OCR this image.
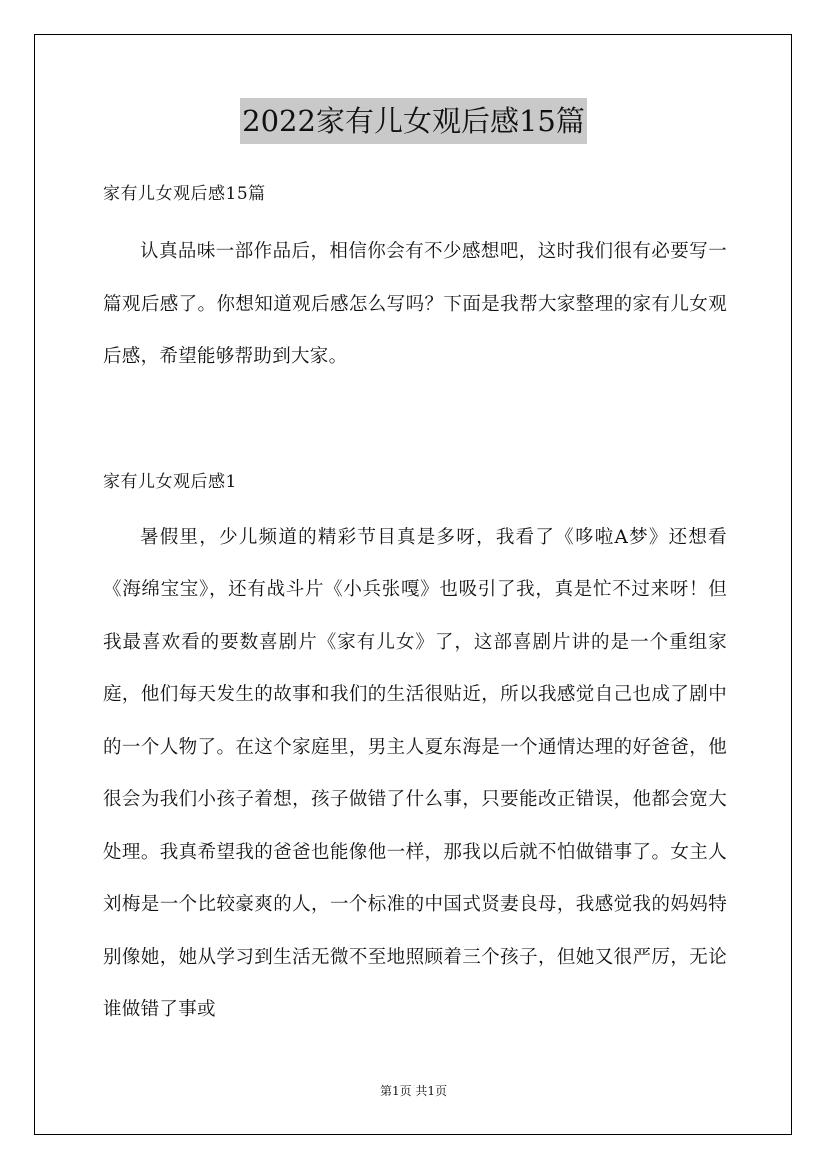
2022家有儿女观后感15篇

家有儿女观后感15篇

认真品味一部作品后，相信你会有不少感想吧，这时我们很有必要写一篇观后感了。你想知道观后感怎么写吗？下面是我帮大家整理的家有儿女观后感，希望能够帮助到大家。

家有儿女观后感1

暑假里，少儿频道的精彩节目真是多呀，我看了《哆啦A梦》还想看《海绵宝宝》，还有战斗片《小兵张嘎》也吸引了我，真是忙不过来呀！但我最喜欢看的要数喜剧片《家有儿女》了，这部喜剧片讲的是一个重组家庭，他们每天发生的故事和我们的生活很贴近，所以我感觉自己也成了剧中的一个人物了。在这个家庭里，男主人夏东海是一个通情达理的好爸爸，他很会为我们小孩子着想，孩子做错了什么事，只要能改正错误，他都会宽大处理。我真希望我的爸爸也能像他一样，那我以后就不怕做错事了。女主人刘梅是一个比较豪爽的人，一个标准的中国式贤妻良母，我感觉我的妈妈特别像她，她从学习到生活无微不至地照顾着三个孩子，但她又很严厉，无论谁做错了事或

第1页 共1页
